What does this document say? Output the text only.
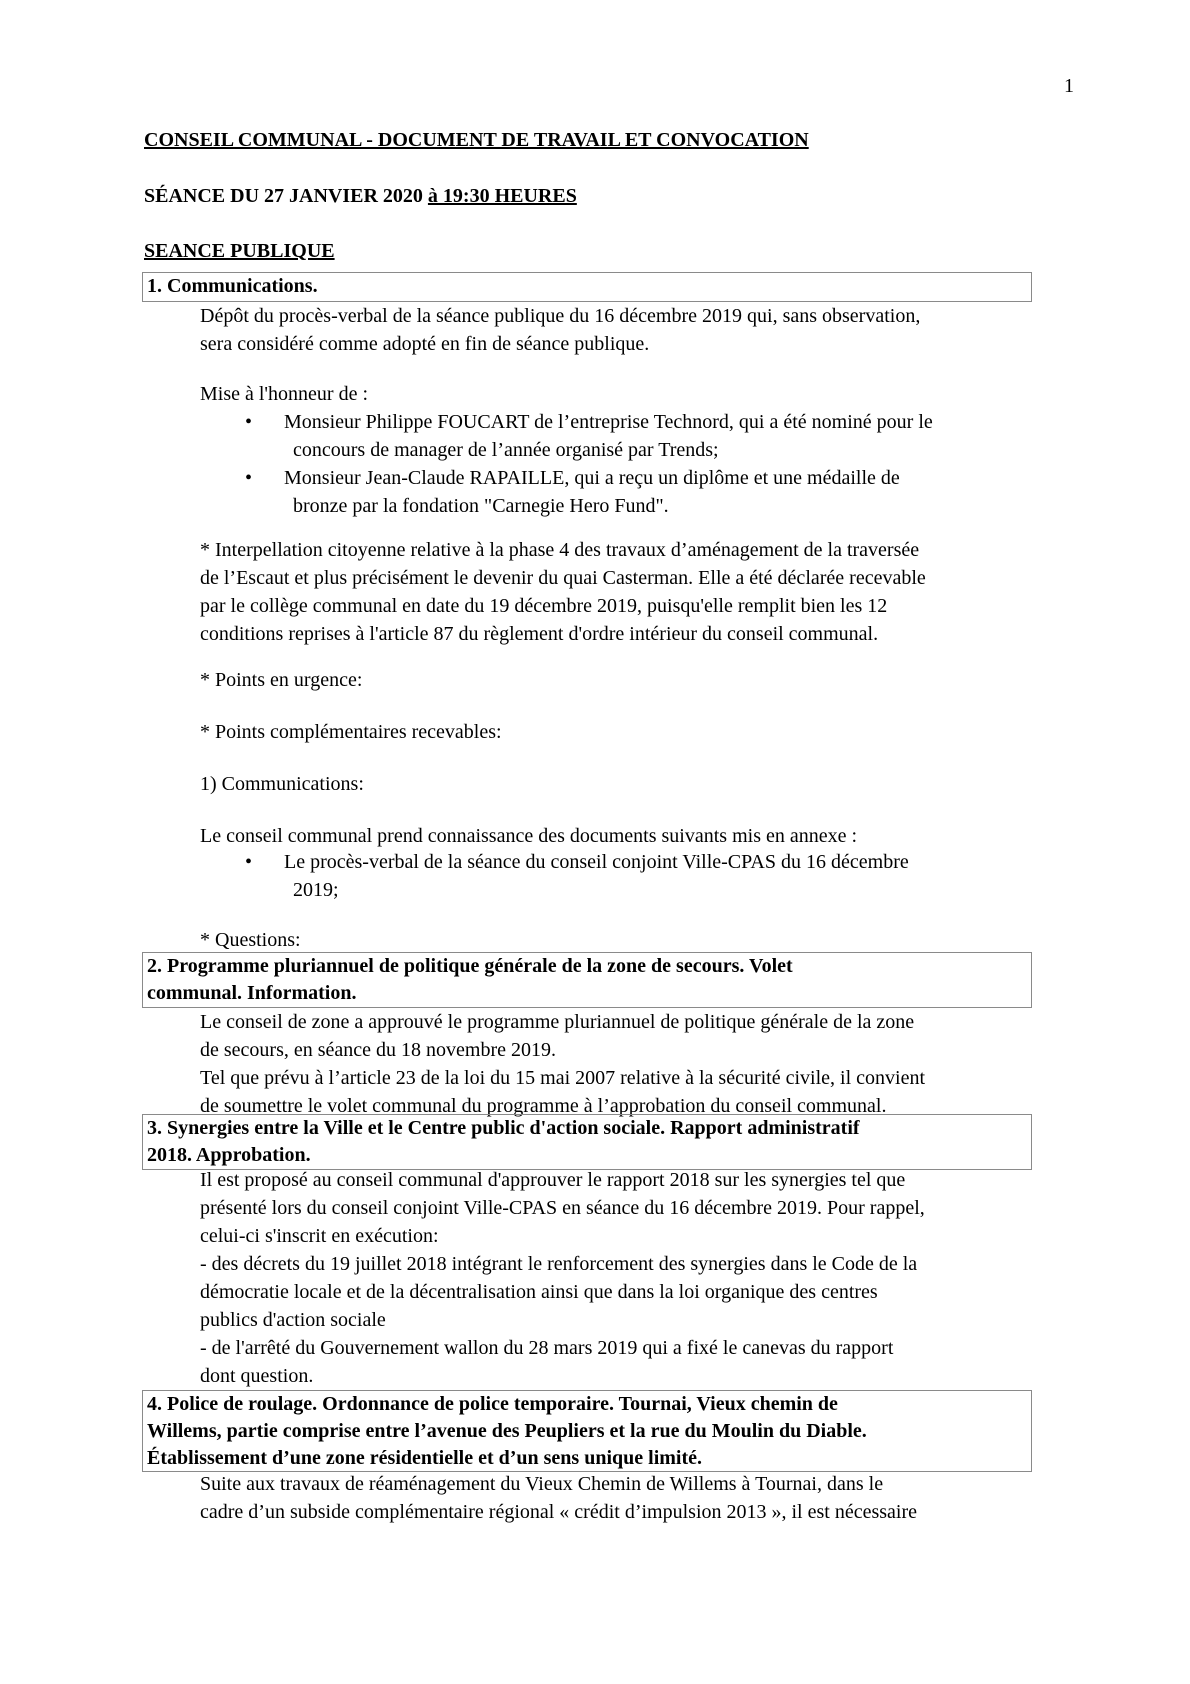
1
CONSEIL COMMUNAL - DOCUMENT DE TRAVAIL ET CONVOCATION
SÉANCE DU 27 JANVIER 2020 à 19:30 HEURES
SEANCE PUBLIQUE
1. Communications.

Dépôt du procès-verbal de la séance publique du 16 décembre 2019 qui, sans observation,
sera considéré comme adopté en fin de séance publique.

Mise à l'honneur de :

• Monsieur Philippe FOUCART de l’entreprise Technord, qui a été nominé pour le
concours de manager de l’année organisé par Trends;
• Monsieur Jean-Claude RAPAILLE, qui a reçu un diplôme et une médaille de
bronze par la fondation "Carnegie Hero Fund".

* Interpellation citoyenne relative à la phase 4 des travaux d’aménagement de la traversée
de l’Escaut et plus précisément le devenir du quai Casterman. Elle a été déclarée recevable
par le collège communal en date du 19 décembre 2019, puisqu'elle remplit bien les 12
conditions reprises à l'article 87 du règlement d'ordre intérieur du conseil communal.

* Points en urgence:

* Points complémentaires recevables:

1) Communications:

Le conseil communal prend connaissance des documents suivants mis en annexe :

• Le procès-verbal de la séance du conseil conjoint Ville-CPAS du 16 décembre
2019;

* Questions:

2. Programme pluriannuel de politique générale de la zone de secours. Volet
communal. Information.

Le conseil de zone a approuvé le programme pluriannuel de politique générale de la zone
de secours, en séance du 18 novembre 2019.
Tel que prévu à l’article 23 de la loi du 15 mai 2007 relative à la sécurité civile, il convient
de soumettre le volet communal du programme à l’approbation du conseil communal.

3. Synergies entre la Ville et le Centre public d'action sociale. Rapport administratif
2018. Approbation.

Il est proposé au conseil communal d'approuver le rapport 2018 sur les synergies tel que
présenté lors du conseil conjoint Ville-CPAS en séance du 16 décembre 2019. Pour rappel,
celui-ci s'inscrit en exécution:
- des décrets du 19 juillet 2018 intégrant le renforcement des synergies dans le Code de la
démocratie locale et de la décentralisation ainsi que dans la loi organique des centres
publics d'action sociale
- de l'arrêté du Gouvernement wallon du 28 mars 2019 qui a fixé le canevas du rapport
dont question.

4. Police de roulage. Ordonnance de police temporaire. Tournai, Vieux chemin de
Willems, partie comprise entre l’avenue des Peupliers et la rue du Moulin du Diable.
Établissement d’une zone résidentielle et d’un sens unique limité.

Suite aux travaux de réaménagement du Vieux Chemin de Willems à Tournai, dans le
cadre d’un subside complémentaire régional « crédit d’impulsion 2013 », il est nécessaire
